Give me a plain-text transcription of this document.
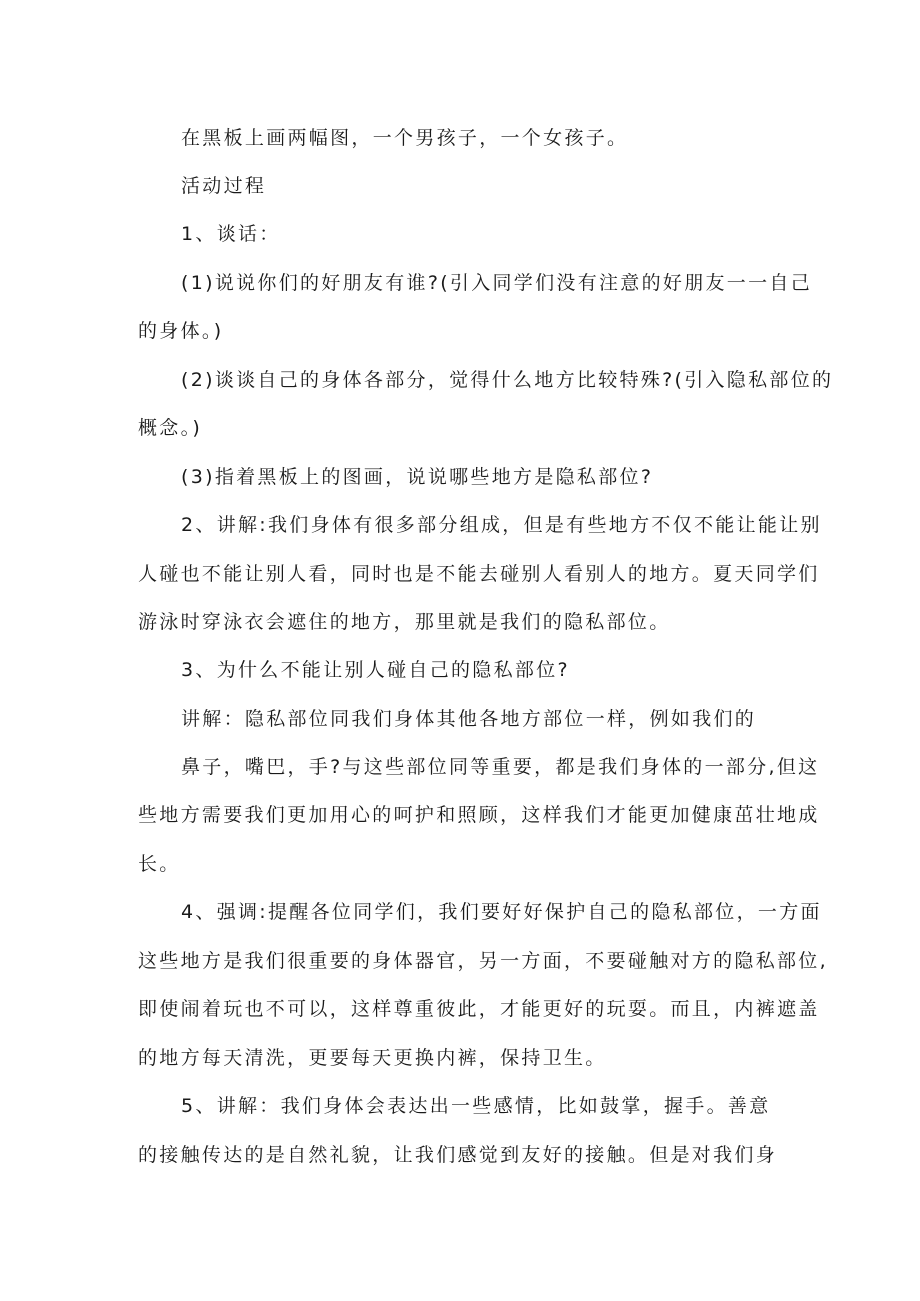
在黑板上画两幅图，一个男孩子，一个女孩子。
活动过程
1、谈话：
(1)说说你们的好朋友有谁?(引入同学们没有注意的好朋友一一自己
的身体。)
(2)谈谈自己的身体各部分，觉得什么地方比较特殊?(引入隐私部位的
概念。)
(3)指着黑板上的图画，说说哪些地方是隐私部位?
2、讲解:我们身体有很多部分组成，但是有些地方不仅不能让能让别
人碰也不能让别人看，同时也是不能去碰别人看别人的地方。夏天同学们
游泳时穿泳衣会遮住的地方，那里就是我们的隐私部位。
3、为什么不能让别人碰自己的隐私部位?
讲解：隐私部位同我们身体其他各地方部位一样，例如我们的
鼻子，嘴巴，手?与这些部位同等重要，都是我们身体的一部分,但这
些地方需要我们更加用心的呵护和照顾，这样我们才能更加健康茁壮地成
长。
4、强调:提醒各位同学们，我们要好好保护自己的隐私部位，一方面
这些地方是我们很重要的身体器官，另一方面，不要碰触对方的隐私部位,
即使闹着玩也不可以，这样尊重彼此，才能更好的玩耍。而且，内裤遮盖
的地方每天清洗，更要每天更换内裤，保持卫生。
5、讲解：我们身体会表达出一些感情，比如鼓掌，握手。善意
的接触传达的是自然礼貌，让我们感觉到友好的接触。但是对我们身
